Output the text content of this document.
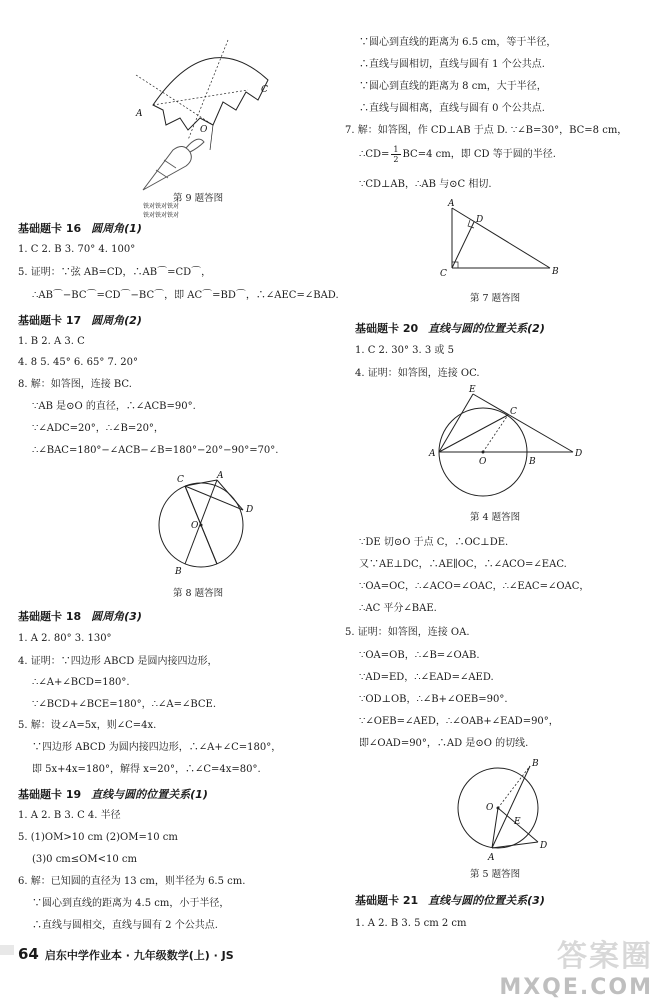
A
C
O
铁对铁对铁对
铁对铁对铁对
第 9 题答图
基础题卡 16 圆周角(1)
1. C 2. B 3. 70° 4. 100°
5. 证明：∵弦 AB=CD，∴AB⌒=CD⌒，
∴AB⌒−BC⌒=CD⌒−BC⌒，即 AC⌒=BD⌒，∴∠AEC=∠BAD.
基础题卡 17 圆周角(2)
1. B 2. A 3. C
4. 8 5. 45° 6. 65° 7. 20°
8. 解：如答图，连接 BC.
∵AB 是⊙O 的直径，∴∠ACB=90°.
∵∠ADC=20°，∴∠B=20°，
∴∠BAC=180°−∠ACB−∠B=180°−20°−90°=70°.
C	A
D
O
B
第 8 题答图
基础题卡 18 圆周角(3)
1. A 2. 80° 3. 130°
4. 证明：∵四边形 ABCD 是圆内接四边形，
∴∠A+∠BCD=180°.
∵∠BCD+∠BCE=180°，∴∠A=∠BCE.
5. 解：设∠A=5x，则∠C=4x.
∵四边形 ABCD 为圆内接四边形，∴∠A+∠C=180°，
即 5x+4x=180°，解得 x=20°，∴∠C=4x=80°.
基础题卡 19 直线与圆的位置关系(1)
1. A 2. B 3. C 4. 半径
5. (1)OM>10 cm (2)OM=10 cm
(3)0 cm≤OM<10 cm
6. 解：已知圆的直径为 13 cm，则半径为 6.5 cm.
∵圆心到直线的距离为 4.5 cm，小于半径，
∴直线与圆相交，直线与圆有 2 个公共点.
∵圆心到直线的距离为 6.5 cm，等于半径，
∴直线与圆相切，直线与圆有 1 个公共点.
∵圆心到直线的距离为 8 cm，大于半径，
∴直线与圆相离，直线与圆有 0 个公共点.
7. 解：如答图，作 CD⊥AB 于点 D. ∵∠B=30°，BC=8 cm，
∴CD= $\frac{1}{2} BC=4$ cm，即 CD 等于圆的半径.
∵CD⊥AB，∴AB 与⊙C 相切.
A
D
C	B
第 7 题答图
基础题卡 20 直线与圆的位置关系(2)
1. C 2. 30° 3. 3 或 5
4. 证明：如答图，连接 OC.
E
C
A
O	B
D
第 4 题答图
∵DE 切⊙O 于点 C，∴OC⊥DE.
又∵AE⊥DC，∴AE∥OC，∴∠ACO=∠EAC.
∵OA=OC，∴∠ACO=∠OAC，∴∠EAC=∠OAC，
∴AC 平分∠BAE.
5. 证明：如答图，连接 OA.
∵OA=OB，∴∠B=∠OAB.
∵AD=ED，∴∠EAD=∠AED.
∵OD⊥OB，∴∠B+∠OEB=90°.
∵∠OEB=∠AED，∴∠OAB+∠EAD=90°，
即∠OAD=90°，∴AD 是⊙O 的切线.
B
O
E
A
D
第 5 题答图
基础题卡 21 直线与圆的位置关系(3)
1. A 2. B 3. 5 cm 2 cm
64 启东中学作业本 · 九年级数学(上) · JS	答案圈
MXQE.COM
